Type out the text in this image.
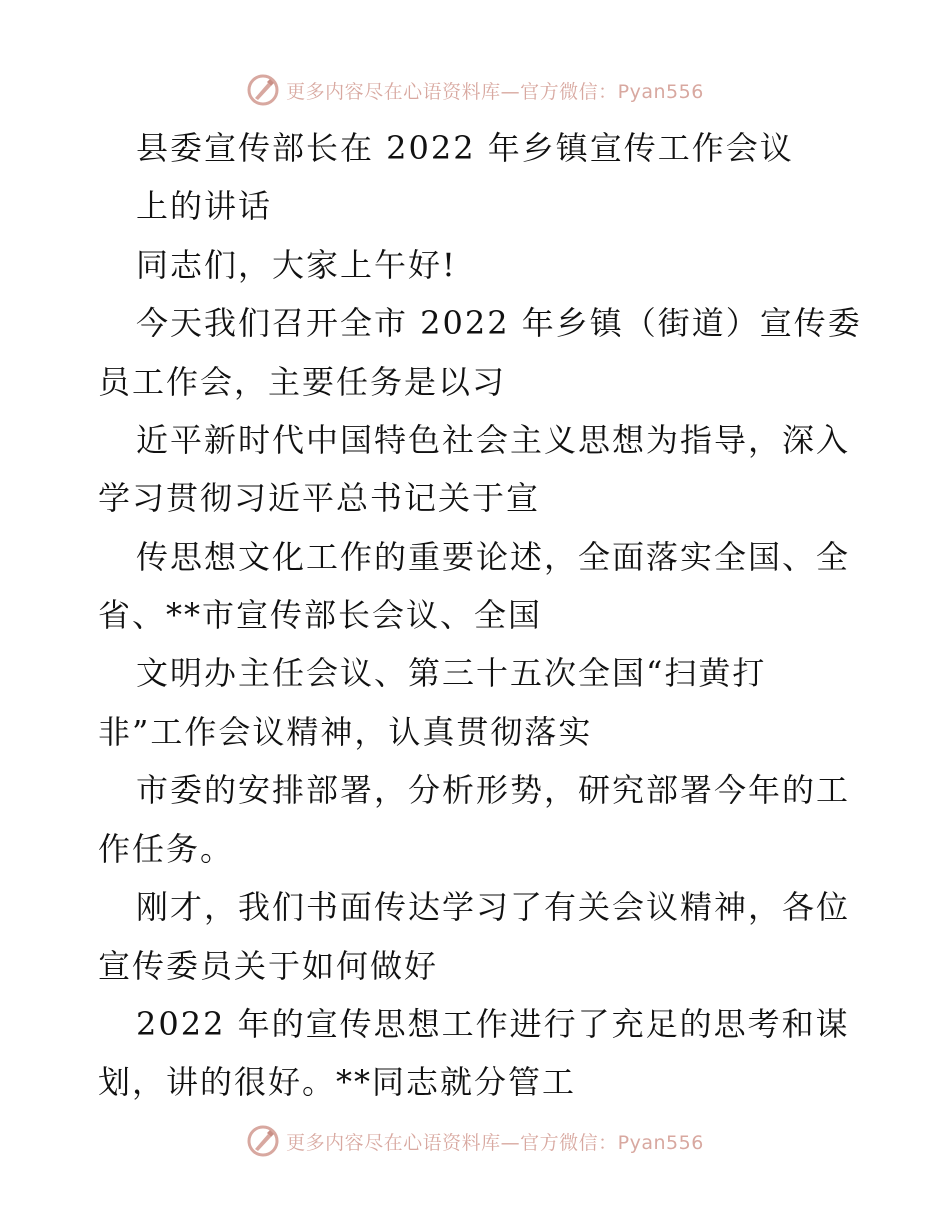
更多内容尽在心语资料库—官方微信：Pyan556
县委宣传部长在 2022 年乡镇宣传工作会议
上的讲话
同志们，大家上午好!
今天我们召开全市 2022 年乡镇（街道）宣传委
员工作会，主要任务是以习
近平新时代中国特色社会主义思想为指导，深入
学习贯彻习近平总书记关于宣
传思想文化工作的重要论述，全面落实全国、全
省、**市宣传部长会议、全国
文明办主任会议、第三十五次全国“扫黄打
非”工作会议精神，认真贯彻落实
市委的安排部署，分析形势，研究部署今年的工
作任务。
刚才，我们书面传达学习了有关会议精神，各位
宣传委员关于如何做好
2022 年的宣传思想工作进行了充足的思考和谋
划，讲的很好。**同志就分管工
更多内容尽在心语资料库—官方微信：Pyan556
